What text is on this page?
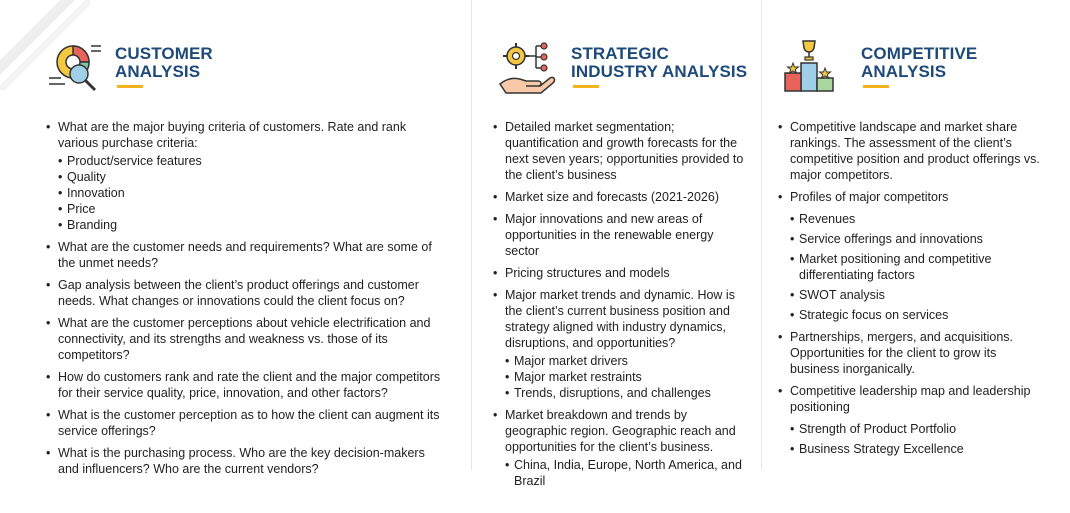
CUSTOMER
ANALYSIS
• What are the major buying criteria of customers. Rate and rank various purchase criteria:
• Product/service features
• Quality
• Innovation
• Price
• Branding
• What are the customer needs and requirements? What are some of the unmet needs?
• Gap analysis between the client’s product offerings and customer needs. What changes or innovations could the client focus on?
• What are the customer perceptions about vehicle electrification and connectivity, and its strengths and weakness vs. those of its competitors?
• How do customers rank and rate the client and the major competitors for their service quality, price, innovation, and other factors?
• What is the customer perception as to how the client can augment its service offerings?
• What is the purchasing process. Who are the key decision-makers and influencers? Who are the current vendors?
STRATEGIC
INDUSTRY ANALYSIS
• Detailed market segmentation; quantification and growth forecasts for the next seven years; opportunities provided to the client’s business
• Market size and forecasts (2021-2026)
• Major innovations and new areas of opportunities in the renewable energy sector
• Pricing structures and models
• Major market trends and dynamic. How is the client’s current business position and strategy aligned with industry dynamics, disruptions, and opportunities?
• Major market drivers
• Major market restraints
• Trends, disruptions, and challenges
• Market breakdown and trends by geographic region. Geographic reach and opportunities for the client’s business.
• China, India, Europe, North America, and Brazil
COMPETITIVE
ANALYSIS
• Competitive landscape and market share rankings. The assessment of the client’s competitive position and product offerings vs. major competitors.
• Profiles of major competitors
• Revenues
• Service offerings and innovations
• Market positioning and competitive differentiating factors
• SWOT analysis
• Strategic focus on services
• Partnerships, mergers, and acquisitions. Opportunities for the client to grow its business inorganically.
• Competitive leadership map and leadership positioning
• Strength of Product Portfolio
• Business Strategy Excellence
